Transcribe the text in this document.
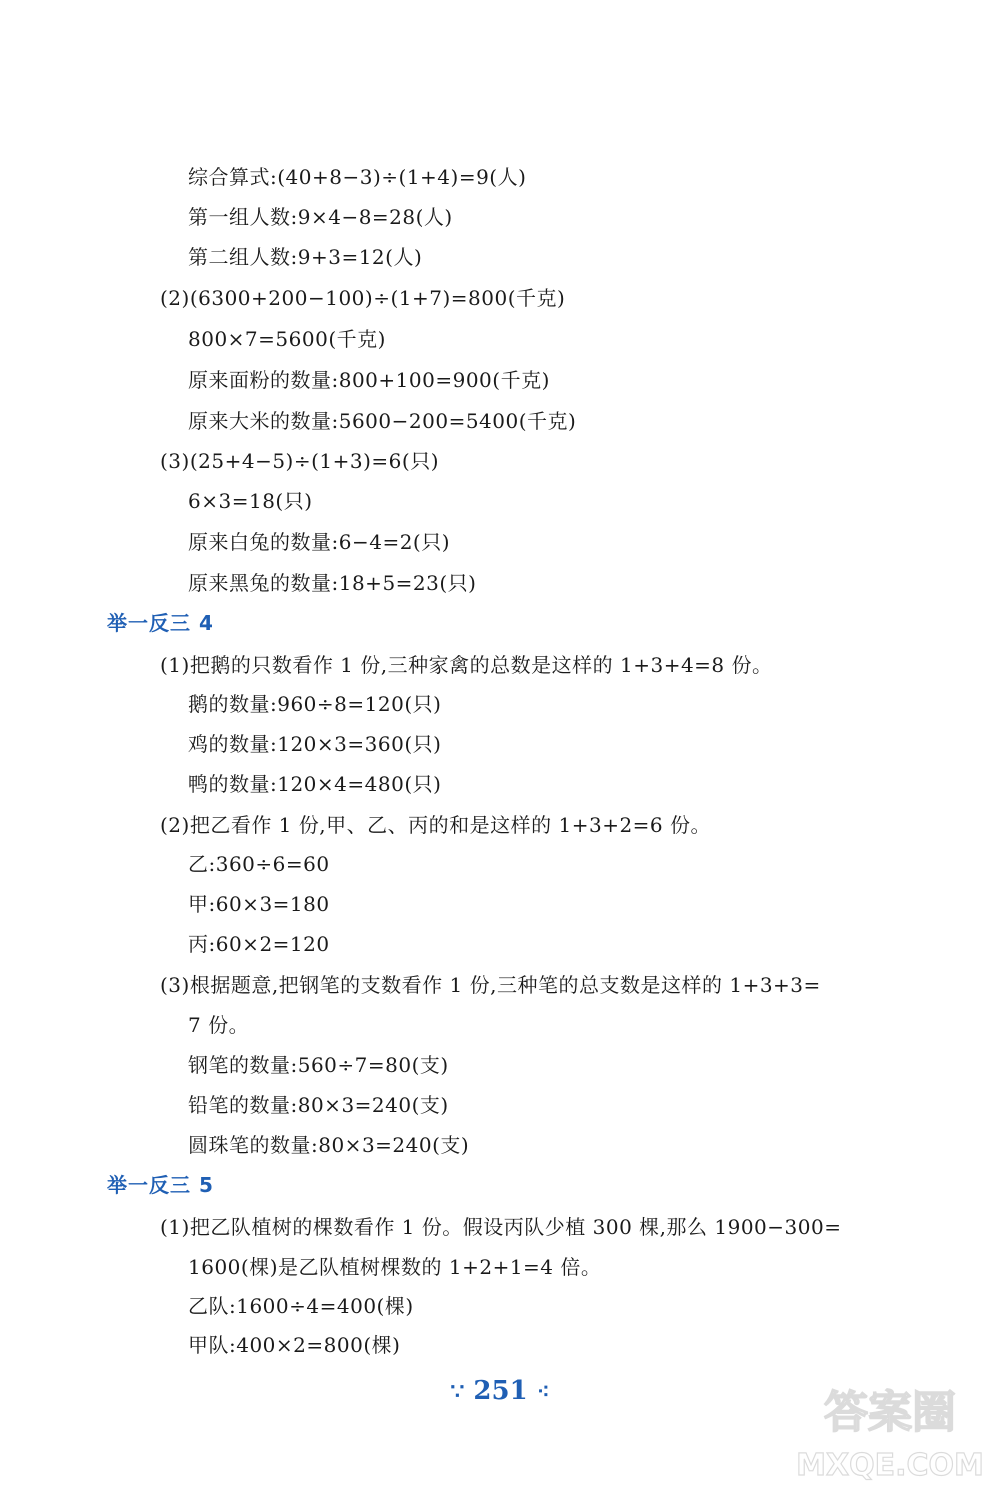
综合算式:(40+8−3)÷(1+4)=9(人)
第一组人数:9×4−8=28(人)
第二组人数:9+3=12(人)
(2)(6300+200−100)÷(1+7)=800(千克)
800×7=5600(千克)
原来面粉的数量:800+100=900(千克)
原来大米的数量:5600−200=5400(千克)
(3)(25+4−5)÷(1+3)=6(只)
6×3=18(只)
原来白兔的数量:6−4=2(只)
原来黑兔的数量:18+5=23(只)
举一反三 4
(1)把鹅的只数看作 1 份,三种家禽的总数是这样的 1+3+4=8 份。
鹅的数量:960÷8=120(只)
鸡的数量:120×3=360(只)
鸭的数量:120×4=480(只)
(2)把乙看作 1 份,甲、乙、丙的和是这样的 1+3+2=6 份。
乙:360÷6=60
甲:60×3=180
丙:60×2=120
(3)根据题意,把钢笔的支数看作 1 份,三种笔的总支数是这样的 1+3+3=
7 份。
钢笔的数量:560÷7=80(支)
铅笔的数量:80×3=240(支)
圆珠笔的数量:80×3=240(支)
举一反三 5
(1)把乙队植树的棵数看作 1 份。假设丙队少植 300 棵,那么 1900−300=
1600(棵)是乙队植树棵数的 1+2+1=4 倍。
乙队:1600÷4=400(棵)
甲队:400×2=800(棵)
∵ 251 ⁖	答案圈
MXQE.COM
